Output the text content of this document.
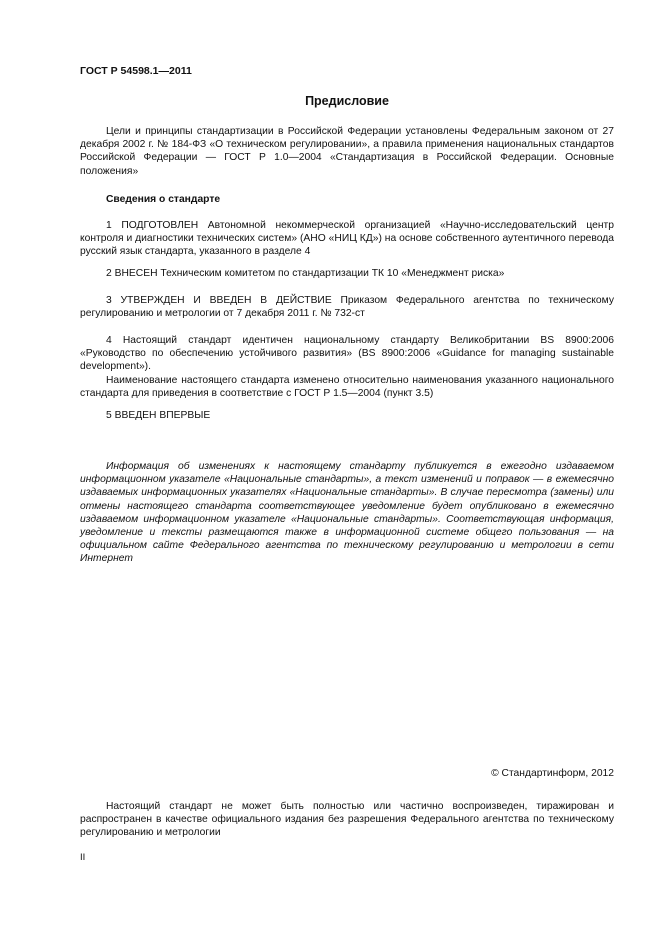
ГОСТ Р 54598.1—2011
Предисловие

Цели и принципы стандартизации в Российской Федерации установлены Федеральным законом от 27 декабря 2002 г. № 184-ФЗ «О техническом регулировании», а правила применения национальных стандартов Российской Федерации — ГОСТ Р 1.0—2004 «Стандартизация в Российской Федерации. Основные положения»

Сведения о стандарте

1 ПОДГОТОВЛЕН Автономной некоммерческой организацией «Научно-исследовательский центр контроля и диагностики технических систем» (АНО «НИЦ КД») на основе собственного аутентичного перевода русский язык стандарта, указанного в разделе 4

2 ВНЕСЕН Техническим комитетом по стандартизации ТК 10 «Менеджмент риска»

3 УТВЕРЖДЕН И ВВЕДЕН В ДЕЙСТВИЕ Приказом Федерального агентства по техническому регулированию и метрологии от 7 декабря 2011 г. № 732-ст

4 Настоящий стандарт идентичен национальному стандарту Великобритании BS 8900:2006 «Руководство по обеспечению устойчивого развития» (BS 8900:2006 «Guidance for managing sustainable development»).

Наименование настоящего стандарта изменено относительно наименования указанного национального стандарта для приведения в соответствие с ГОСТ Р 1.5—2004 (пункт 3.5)

5 ВВЕДЕН ВПЕРВЫЕ

Информация об изменениях к настоящему стандарту публикуется в ежегодно издаваемом информационном указателе «Национальные стандарты», а текст изменений и поправок — в ежемесячно издаваемых информационных указателях «Национальные стандарты». В случае пересмотра (замены) или отмены настоящего стандарта соответствующее уведомление будет опубликовано в ежемесячно издаваемом информационном указателе «Национальные стандарты». Соответствующая информация, уведомление и тексты размещаются также в информационной системе общего пользования — на официальном сайте Федерального агентства по техническому регулированию и метрологии в сети Интернет

© Стандартинформ, 2012

Настоящий стандарт не может быть полностью или частично воспроизведен, тиражирован и распространен в качестве официального издания без разрешения Федерального агентства по техническому регулированию и метрологии

II
